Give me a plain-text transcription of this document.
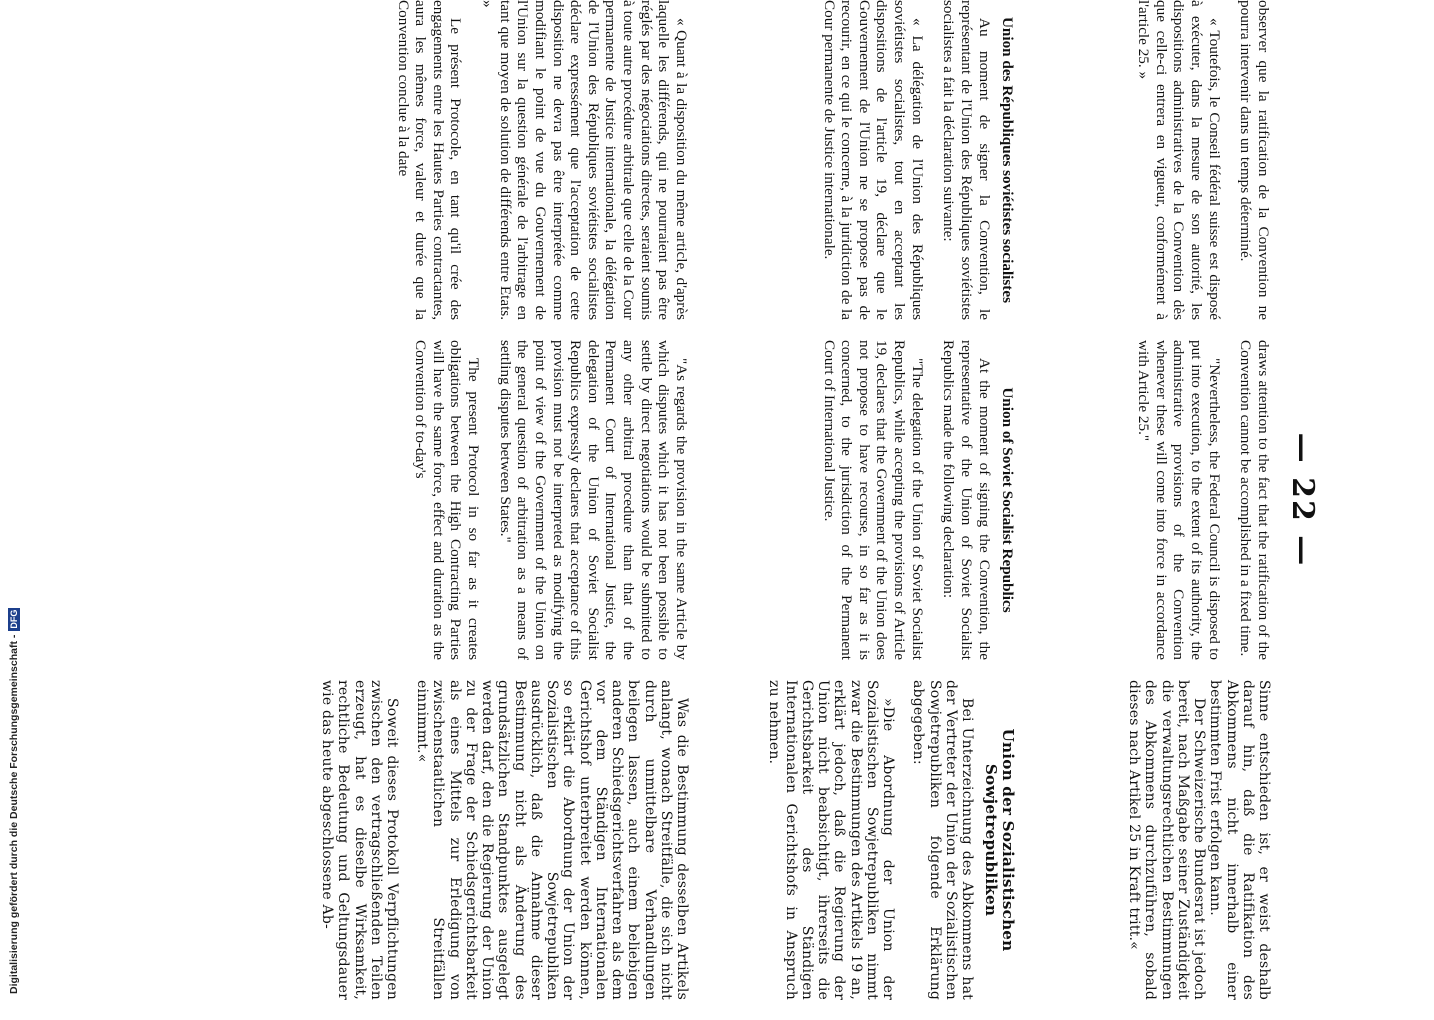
— 22 —

observer que la ratification de la Convention ne pourra intervenir dans un temps déterminé.

« Toutefois, le Conseil fédéral suisse est disposé à exécuter, dans la mesure de son autorité, les dispositions administratives de la Convention dès que celle-ci entrera en vigueur, conformément à l'article 25. »

draws attention to the fact that the ratification of the Convention cannot be accomplished in a fixed time.

"Nevertheless, the Federal Council is disposed to put into execution, to the extent of its authority, the administrative provisions of the Convention whenever these will come into force in accordance with Article 25."

Sinne entschieden ist, er weist deshalb darauf hin, daß die Ratifikation des Abkommens nicht innerhalb einer bestimmten Frist erfolgen kann.

Der Schweizerische Bundesrat ist jedoch bereit, nach Maßgabe seiner Zuständigkeit die verwaltungsrechtlichen Bestimmungen des Abkommens durchzuführen, sobald dieses nach Artikel 25 in Kraft tritt.«

Union des Républiques soviétistes socialistes

Au moment de signer la Convention, le représentant de l'Union des Républiques soviétistes socialistes a fait la déclaration suivante:

« La délégation de l'Union des Républiques soviétistes socialistes, tout en acceptant les dispositions de l'article 19, déclare que le Gouvernement de l'Union ne se propose pas de recourir, en ce qui le concerne, à la juridiction de la Cour permanente de Justice internationale.

Union of Soviet Socialist Republics

At the moment of signing the Convention, the representative of the Union of Soviet Socialist Republics made the following declaration:

"The delegation of the Union of Soviet Socialist Republics, while accepting the provisions of Article 19, declares that the Government of the Union does not propose to have recourse, in so far as it is concerned, to the jurisdiction of the Permanent Court of International Justice.

Union der Sozialistischen Sowjetrepubliken

Bei Unterzeichnung des Abkommens hat der Vertreter der Union der Sozialistischen Sowjetrepubliken folgende Erklärung abgegeben:

»Die Abordnung der Union der Sozialistischen Sowjetrepubliken nimmt zwar die Bestimmungen des Artikels 19 an, erklärt jedoch, daß die Regierung der Union nicht beabsichtigt, ihrerseits die Gerichtsbarkeit des Ständigen Internationalen Gerichtshofs in Anspruch zu nehmen.

« Quant à la disposition du même article, d'après laquelle les différends, qui ne pourraient pas être réglés par des négociations directes, seraient soumis à toute autre procédure arbitrale que celle de la Cour permanente de Justice internationale, la délégation de l'Union des Républiques soviétistes socialistes déclare expressément que l'acceptation de cette disposition ne devra pas être interprétée comme modifiant le point de vue du Gouvernement de l'Union sur la question générale de l'arbitrage en tant que moyen de solution de différends entre Etats. »

Le présent Protocole, en tant qu'il crée des engagements entre les Hautes Parties contractantes, aura les mêmes force, valeur et durée que la Convention conclue à la date

"As regards the provision in the same Article by which disputes which it has not been possible to settle by direct negotiations would be submitted to any other arbitral procedure than that of the Permanent Court of International Justice, the delegation of the Union of Soviet Socialist Republics expressly declares that acceptance of this provision must not be interpreted as modifying the point of view of the Government of the Union on the general question of arbitration as a means of settling disputes between States."

The present Protocol in so far as it creates obligations between the High Contracting Parties will have the same force, effect and duration as the Convention of to-day's

Was die Bestimmung desselben Artikels anlangt, wonach Streitfälle, die sich nicht durch unmittelbare Verhandlungen beilegen lassen, auch einem beliebigen anderen Schiedsgerichtsverfahren als dem vor dem Ständigen Internationalen Gerichtshof unterbreitet werden können, so erklärt die Abordnung der Union der Sozialistischen Sowjetrepubliken ausdrücklich, daß die Annahme dieser Bestimmung nicht als Änderung des grundsätzlichen Standpunktes ausgelegt werden darf, den die Regierung der Union zu der Frage der Schiedsgerichtsbarkeit als eines Mittels zur Erledigung von zwischenstaatlichen Streitfällen einnimmt.«

Soweit dieses Protokoll Verpflichtungen zwischen den vertragschließenden Teilen erzeugt, hat es dieselbe Wirksamkeit, rechtliche Bedeutung und Geltungsdauer wie das heute abgeschlossene Ab-

Digitalisierung gefördert durch die Deutsche Forschungsgemeinschaft -
DFG
